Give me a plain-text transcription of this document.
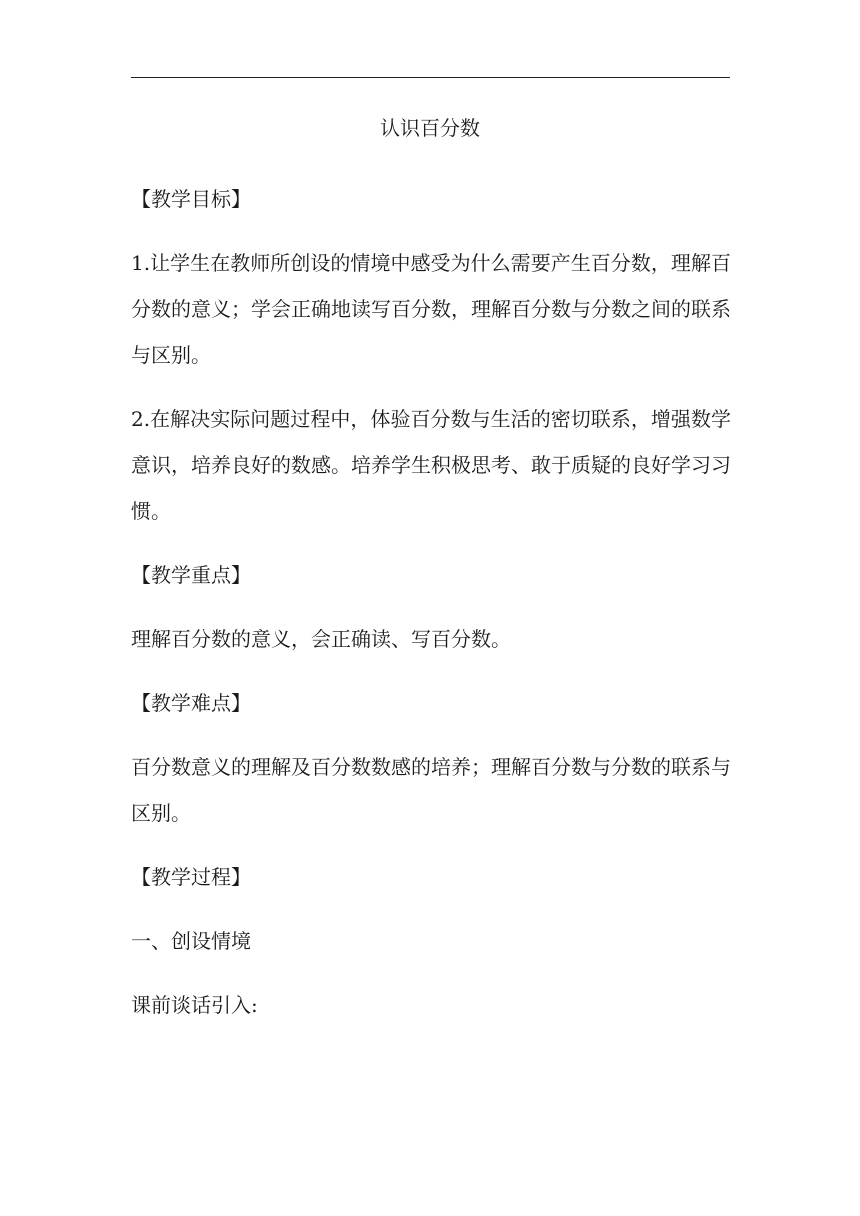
认识百分数

【教学目标】

1.让学生在教师所创设的情境中感受为什么需要产生百分数，理解百分数的意义；学会正确地读写百分数，理解百分数与分数之间的联系与区别。

2.在解决实际问题过程中，体验百分数与生活的密切联系，增强数学意识，培养良好的数感。培养学生积极思考、敢于质疑的良好学习习惯。

【教学重点】

理解百分数的意义，会正确读、写百分数。

【教学难点】

百分数意义的理解及百分数数感的培养；理解百分数与分数的联系与区别。

【教学过程】

一、创设情境

课前谈话引入:
